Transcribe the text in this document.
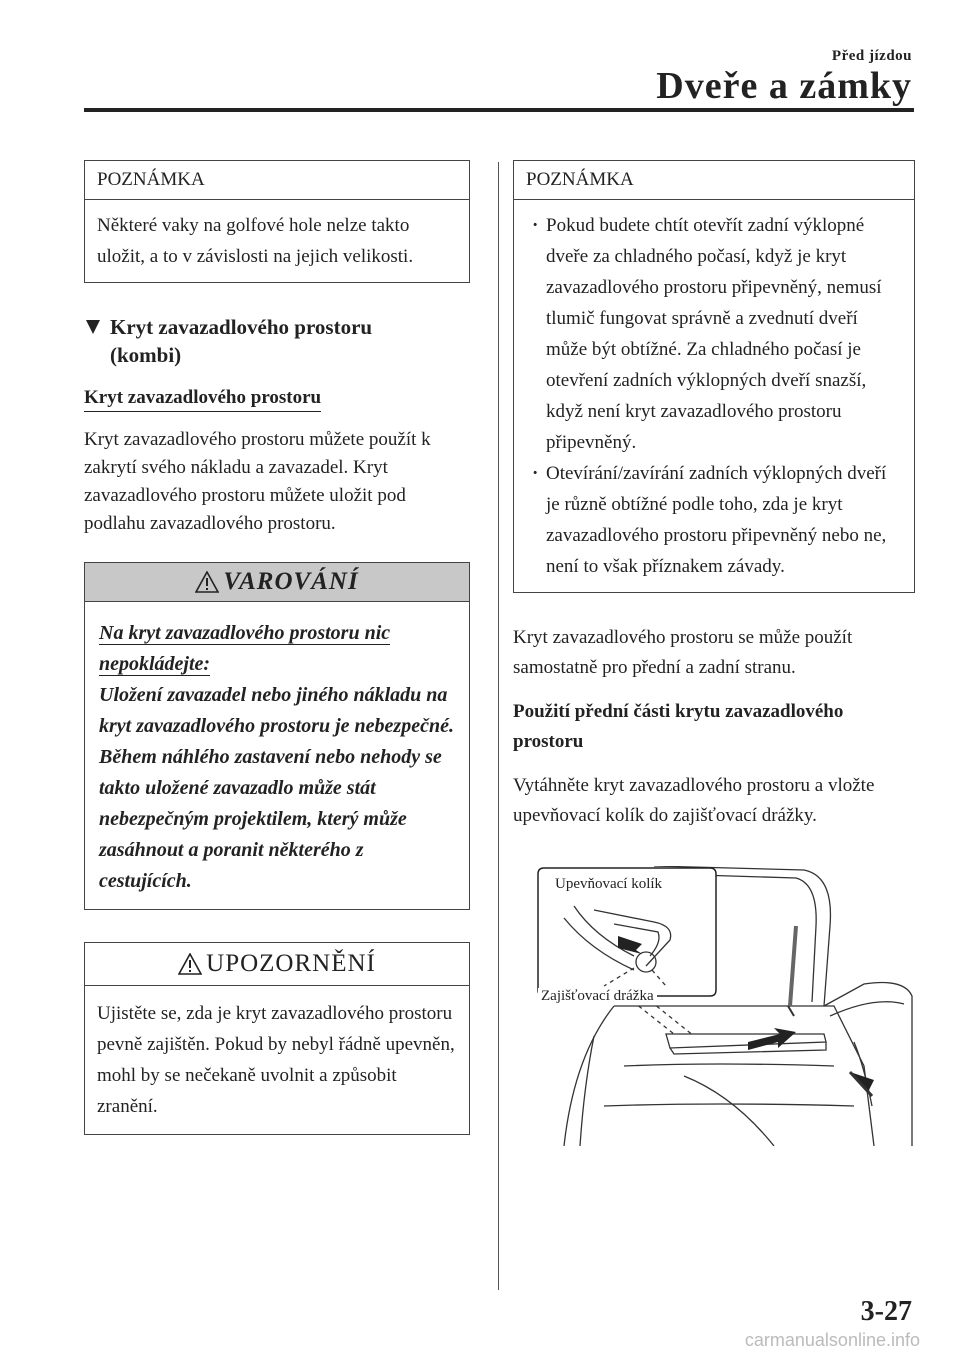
Před jízdou
Dveře a zámky
POZNÁMKA
Některé vaky na golfové hole nelze takto uložit, a to v závislosti na jejich velikosti.
Kryt zavazadlového prostoru
(kombi)
Kryt zavazadlového prostoru

Kryt zavazadlového prostoru můžete použít k zakrytí svého nákladu a zavazadel. Kryt zavazadlového prostoru můžete uložit pod podlahu zavazadlového prostoru.

VAROVÁNÍ
Na kryt zavazadlového prostoru nic
nepokládejte:
Uložení zavazadel nebo jiného nákladu na kryt zavazadlového prostoru je nebezpečné. Během náhlého zastavení nebo nehody se takto uložené zavazadlo může stát nebezpečným projektilem, který může zasáhnout a poranit některého z cestujících.
UPOZORNĚNÍ
Ujistěte se, zda je kryt zavazadlového prostoru pevně zajištěn. Pokud by nebyl řádně upevněn, mohl by se nečekaně uvolnit a způsobit zranění.
POZNÁMKA
· Pokud budete chtít otevřít zadní výklopné dveře za chladného počasí, když je kryt zavazadlového prostoru připevněný, nemusí tlumič fungovat správně a zvednutí dveří může být obtížné. Za chladného počasí je otevření zadních výklopných dveří snazší, když není kryt zavazadlového prostoru připevněný.
· Otevírání/zavírání zadních výklopných dveří je různě obtížné podle toho, zda je kryt zavazadlového prostoru připevněný nebo ne, není to však příznakem závady.

Kryt zavazadlového prostoru se může použít samostatně pro přední a zadní stranu.

Použití přední části krytu zavazadlového prostoru

Vytáhněte kryt zavazadlového prostoru a vložte upevňovací kolík do zajišťovací drážky.

Upevňovací kolík
Zajišťovací drážka
3-27
carmanualsonline.info
